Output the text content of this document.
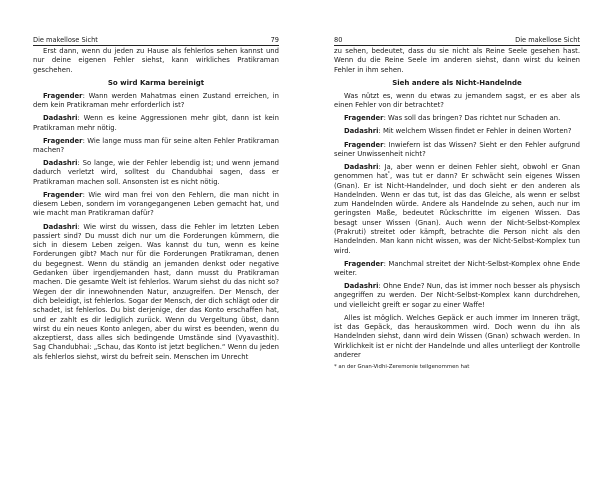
Die makellose Sicht	79

Erst dann, wenn du jeden zu Hause als fehlerlos sehen kannst und nur deine eigenen Fehler siehst, kann wirkliches Pratikraman geschehen.

So wird Karma bereinigt

Fragender: Wann werden Mahatmas einen Zustand erreichen, in dem kein Pratikraman mehr erforderlich ist?

Dadashri: Wenn es keine Aggressionen mehr gibt, dann ist kein Pratikraman mehr nötig.

Fragender: Wie lange muss man für seine alten Fehler Pratikraman machen?

Dadashri: So lange, wie der Fehler lebendig ist; und wenn jemand dadurch verletzt wird, solltest du Chandubhai sagen, dass er Pratikraman machen soll. Ansonsten ist es nicht nötig.

Fragender: Wie wird man frei von den Fehlern, die man nicht in diesem Leben, sondern im vorangegangenen Leben gemacht hat, und wie macht man Pratikraman dafür?

Dadashri: Wie wirst du wissen, dass die Fehler im letzten Leben passiert sind? Du musst dich nur um die Forderungen kümmern, die sich in diesem Leben zeigen. Was kannst du tun, wenn es keine Forderungen gibt? Mach nur für die Forderungen Pratikraman, denen du begegnest. Wenn du ständig an jemanden denkst oder negative Gedanken über irgendjemanden hast, dann musst du Pratikraman machen. Die gesamte Welt ist fehlerlos. Warum siehst du das nicht so? Wegen der dir innewohnenden Natur, anzugreifen. Der Mensch, der dich beleidigt, ist fehlerlos. Sogar der Mensch, der dich schlägt oder dir schadet, ist fehlerlos. Du bist derjenige, der das Konto erschaffen hat, und er zahlt es dir lediglich zurück. Wenn du Vergeltung übst, dann wirst du ein neues Konto anlegen, aber du wirst es beenden, wenn du akzeptierst, dass alles sich bedingende Umstände sind (Vyavasthit). Sag Chandubhai: „Schau, das Konto ist jetzt beglichen.“ Wenn du jeden als fehlerlos siehst, wirst du befreit sein. Menschen im Unrecht

80	Die makellose Sicht

zu sehen, bedeutet, dass du sie nicht als Reine Seele gesehen hast. Wenn du die Reine Seele im anderen siehst, dann wirst du keinen Fehler in ihm sehen.

Sieh andere als Nicht-Handelnde

Was nützt es, wenn du etwas zu jemandem sagst, er es aber als einen Fehler von dir betrachtet?

Fragender: Was soll das bringen? Das richtet nur Schaden an.

Dadashri: Mit welchem Wissen findet er Fehler in deinen Worten?

Fragender: Inwiefern ist das Wissen? Sieht er den Fehler aufgrund seiner Unwissenheit nicht?

Dadashri: Ja, aber wenn er deinen Fehler sieht, obwohl er Gnan genommen hat*, was tut er dann? Er schwächt sein eigenes Wissen (Gnan). Er ist Nicht-Handelnder, und doch sieht er den anderen als Handelnden. Wenn er das tut, ist das das Gleiche, als wenn er selbst zum Handelnden würde. Andere als Handelnde zu sehen, auch nur im geringsten Maße, bedeutet Rückschritte im eigenen Wissen. Das besagt unser Wissen (Gnan). Auch wenn der Nicht-Selbst-Komplex (Prakruti) streitet oder kämpft, betrachte die Person nicht als den Handelnden. Man kann nicht wissen, was der Nicht-Selbst-Komplex tun wird.

Fragender: Manchmal streitet der Nicht-Selbst-Komplex ohne Ende weiter.

Dadashri: Ohne Ende? Nun, das ist immer noch besser als physisch angegriffen zu werden. Der Nicht-Selbst-Komplex kann durchdrehen, und vielleicht greift er sogar zu einer Waffe!

Alles ist möglich. Welches Gepäck er auch immer im Inneren trägt, ist das Gepäck, das herauskommen wird. Doch wenn du ihn als Handelnden siehst, dann wird dein Wissen (Gnan) schwach werden. In Wirklichkeit ist er nicht der Handelnde und alles unterliegt der Kontrolle anderer

* an der Gnan-Vidhi-Zeremonie teilgenommen hat
